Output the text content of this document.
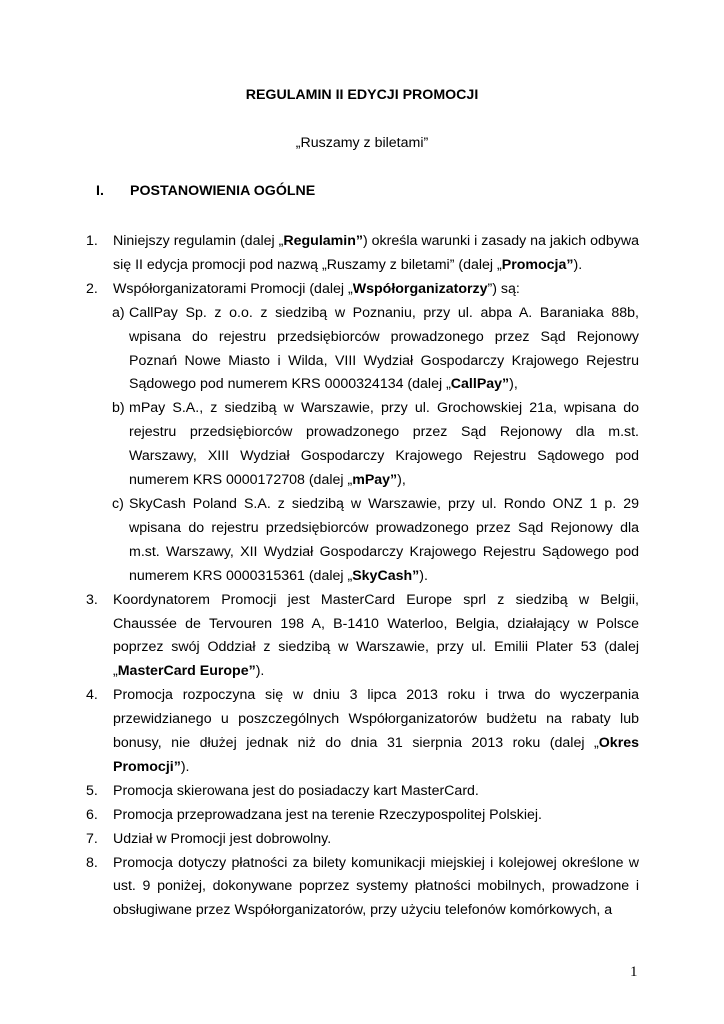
REGULAMIN II EDYCJI PROMOCJI
„Ruszamy z biletami”
I. POSTANOWIENIA OGÓLNE
1.	Niniejszy regulamin (dalej „Regulamin”) określa warunki i zasady na jakich odbywa się II edycja promocji pod nazwą „Ruszamy z biletami” (dalej „Promocja”).
2.	Współorganizatorami Promocji (dalej „Współorganizatorzy”) są:
a) CallPay Sp. z o.o. z siedzibą w Poznaniu, przy ul. abpa A. Baraniaka 88b, wpisana do rejestru przedsiębiorców prowadzonego przez Sąd Rejonowy Poznań Nowe Miasto i Wilda, VIII Wydział Gospodarczy Krajowego Rejestru Sądowego pod numerem KRS 0000324134 (dalej „CallPay”),
b) mPay S.A., z siedzibą w Warszawie, przy ul. Grochowskiej 21a, wpisana do rejestru przedsiębiorców prowadzonego przez Sąd Rejonowy dla m.st. Warszawy, XIII Wydział Gospodarczy Krajowego Rejestru Sądowego pod numerem KRS 0000172708 (dalej „mPay”),
c) SkyCash Poland S.A. z siedzibą w Warszawie, przy ul. Rondo ONZ 1 p. 29 wpisana do rejestru przedsiębiorców prowadzonego przez Sąd Rejonowy dla m.st. Warszawy, XII Wydział Gospodarczy Krajowego Rejestru Sądowego pod numerem KRS 0000315361 (dalej „SkyCash”).
3.	Koordynatorem Promocji jest MasterCard Europe sprl z siedzibą w Belgii, Chaussée de Tervouren 198 A, B-1410 Waterloo, Belgia, działający w Polsce poprzez swój Oddział z siedzibą w Warszawie, przy ul. Emilii Plater 53 (dalej „MasterCard Europe”).
4.	Promocja rozpoczyna się w dniu 3 lipca 2013 roku i trwa do wyczerpania przewidzianego u poszczególnych Współorganizatorów budżetu na rabaty lub bonusy, nie dłużej jednak niż do dnia 31 sierpnia 2013 roku (dalej „Okres Promocji”).
5.	Promocja skierowana jest do posiadaczy kart MasterCard.
6.	Promocja przeprowadzana jest na terenie Rzeczypospolitej Polskiej.
7.	Udział w Promocji jest dobrowolny.
8.	Promocja dotyczy płatności za bilety komunikacji miejskiej i kolejowej określone w ust. 9 poniżej, dokonywane poprzez systemy płatności mobilnych, prowadzone i obsługiwane przez Współorganizatorów, przy użyciu telefonów komórkowych, a
1
